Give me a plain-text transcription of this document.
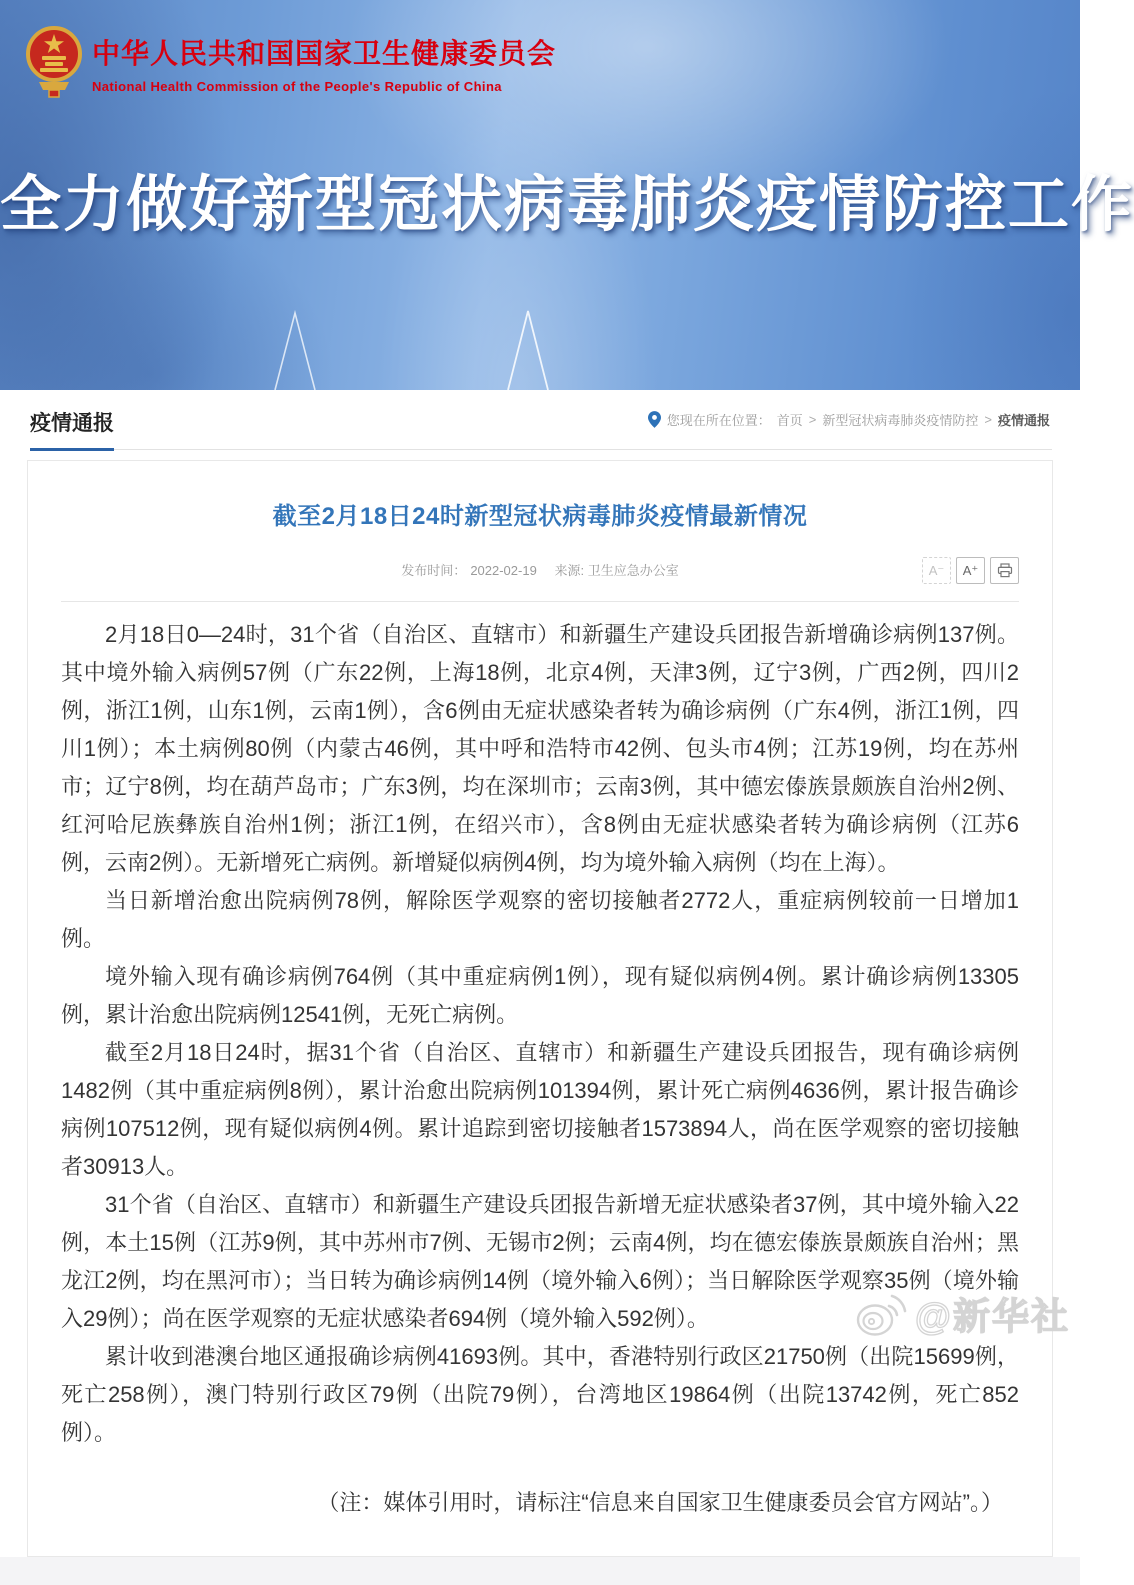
中华人民共和国国家卫生健康委员会
National Health Commission of the People's Republic of China
全力做好新型冠状病毒肺炎疫情防控工作
疫情通报	您现在所在位置： 首页 > 新型冠状病毒肺炎疫情防控 > 疫情通报
截至2月18日24时新型冠状病毒肺炎疫情最新情况
发布时间： 2022-02-19 来源: 卫生应急办公室	A⁻	A⁺

2月18日0—24时，31个省（自治区、直辖市）和新疆生产建设兵团报告新增确诊病例137例。其中境外输入病例57例（广东22例，上海18例，北京4例，天津3例，辽宁3例，广西2例，四川2例，浙江1例，山东1例，云南1例），含6例由无症状感染者转为确诊病例（广东4例，浙江1例，四川1例）；本土病例80例（内蒙古46例，其中呼和浩特市42例、包头市4例；江苏19例，均在苏州市；辽宁8例，均在葫芦岛市；广东3例，均在深圳市；云南3例，其中德宏傣族景颇族自治州2例、红河哈尼族彝族自治州1例；浙江1例，在绍兴市），含8例由无症状感染者转为确诊病例（江苏6例，云南2例）。无新增死亡病例。新增疑似病例4例，均为境外输入病例（均在上海）。

当日新增治愈出院病例78例，解除医学观察的密切接触者2772人，重症病例较前一日增加1例。

境外输入现有确诊病例764例（其中重症病例1例），现有疑似病例4例。累计确诊病例13305例，累计治愈出院病例12541例，无死亡病例。

截至2月18日24时，据31个省（自治区、直辖市）和新疆生产建设兵团报告，现有确诊病例1482例（其中重症病例8例），累计治愈出院病例101394例，累计死亡病例4636例，累计报告确诊病例107512例，现有疑似病例4例。累计追踪到密切接触者1573894人，尚在医学观察的密切接触者30913人。

31个省（自治区、直辖市）和新疆生产建设兵团报告新增无症状感染者37例，其中境外输入22例，本土15例（江苏9例，其中苏州市7例、无锡市2例；云南4例，均在德宏傣族景颇族自治州；黑龙江2例，均在黑河市）；当日转为确诊病例14例（境外输入6例）；当日解除医学观察35例（境外输入29例）；尚在医学观察的无症状感染者694例（境外输入592例）。

累计收到港澳台地区通报确诊病例41693例。其中，香港特别行政区21750例（出院15699例，死亡258例），澳门特别行政区79例（出院79例），台湾地区19864例（出院13742例，死亡852例）。

（注：媒体引用时，请标注“信息来自国家卫生健康委员会官方网站”。）
@新华社
